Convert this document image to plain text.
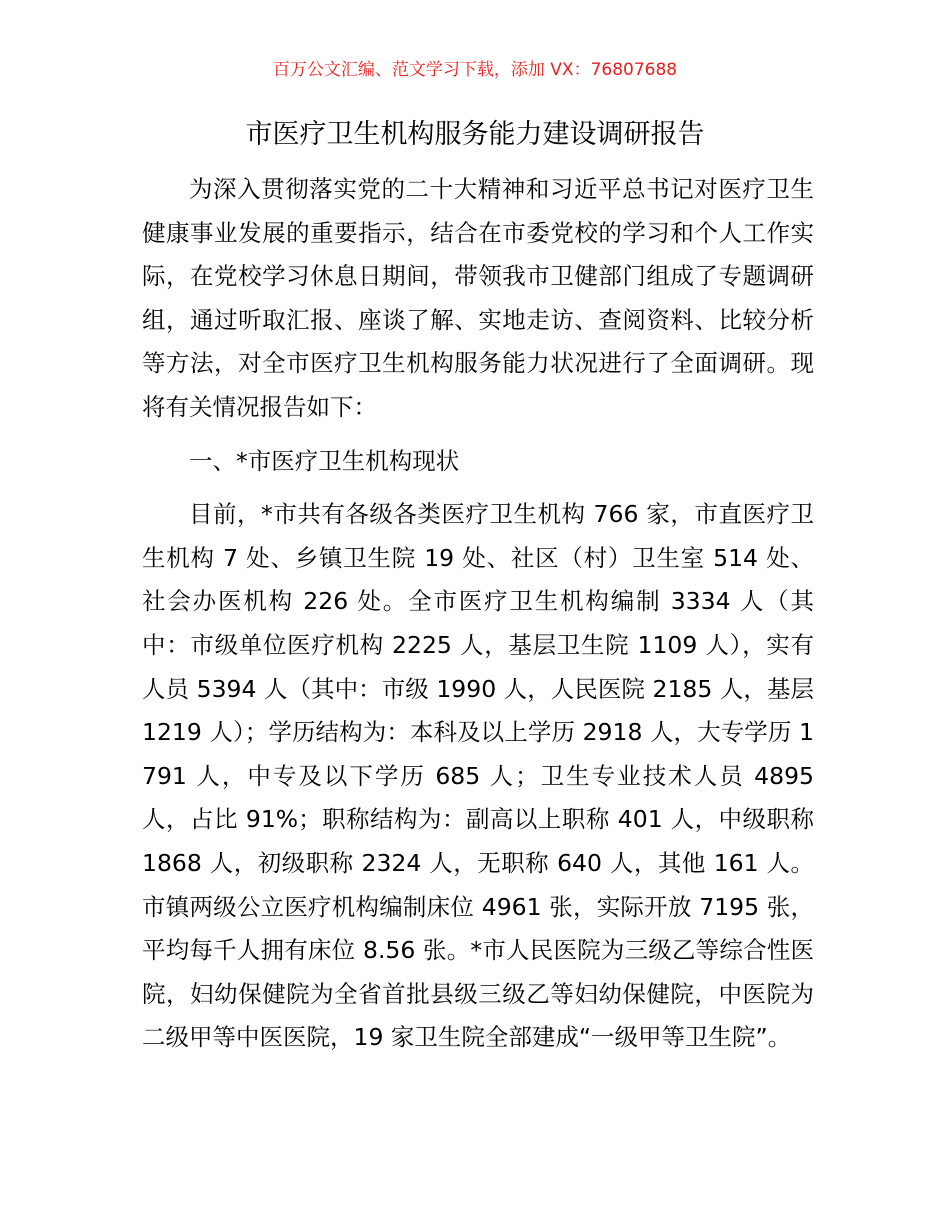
百万公文汇编、范文学习下载，添加 VX：76807688
市医疗卫生机构服务能力建设调研报告

为深入贯彻落实党的二十大精神和习近平总书记对医疗卫生健康事业发展的重要指示，结合在市委党校的学习和个人工作实际，在党校学习休息日期间，带领我市卫健部门组成了专题调研组，通过听取汇报、座谈了解、实地走访、查阅资料、比较分析等方法，对全市医疗卫生机构服务能力状况进行了全面调研。现将有关情况报告如下：

一、*市医疗卫生机构现状

目前，*市共有各级各类医疗卫生机构 766 家，市直医疗卫生机构 7 处、乡镇卫生院 19 处、社区（村）卫生室 514 处、社会办医机构 226 处。全市医疗卫生机构编制 3334 人（其中：市级单位医疗机构 2225 人，基层卫生院 1109 人），实有人员 5394 人（其中：市级 1990 人，人民医院 2185 人，基层 1219 人）；学历结构为：本科及以上学历 2918 人，大专学历 1791 人，中专及以下学历 685 人；卫生专业技术人员 4895 人，占比 91%；职称结构为：副高以上职称 401 人，中级职称 1868 人，初级职称 2324 人，无职称 640 人，其他 161 人。市镇两级公立医疗机构编制床位 4961 张，实际开放 7195 张，平均每千人拥有床位 8.56 张。*市人民医院为三级乙等综合性医院，妇幼保健院为全省首批县级三级乙等妇幼保健院，中医院为二级甲等中医医院，19 家卫生院全部建成“一级甲等卫生院”。
